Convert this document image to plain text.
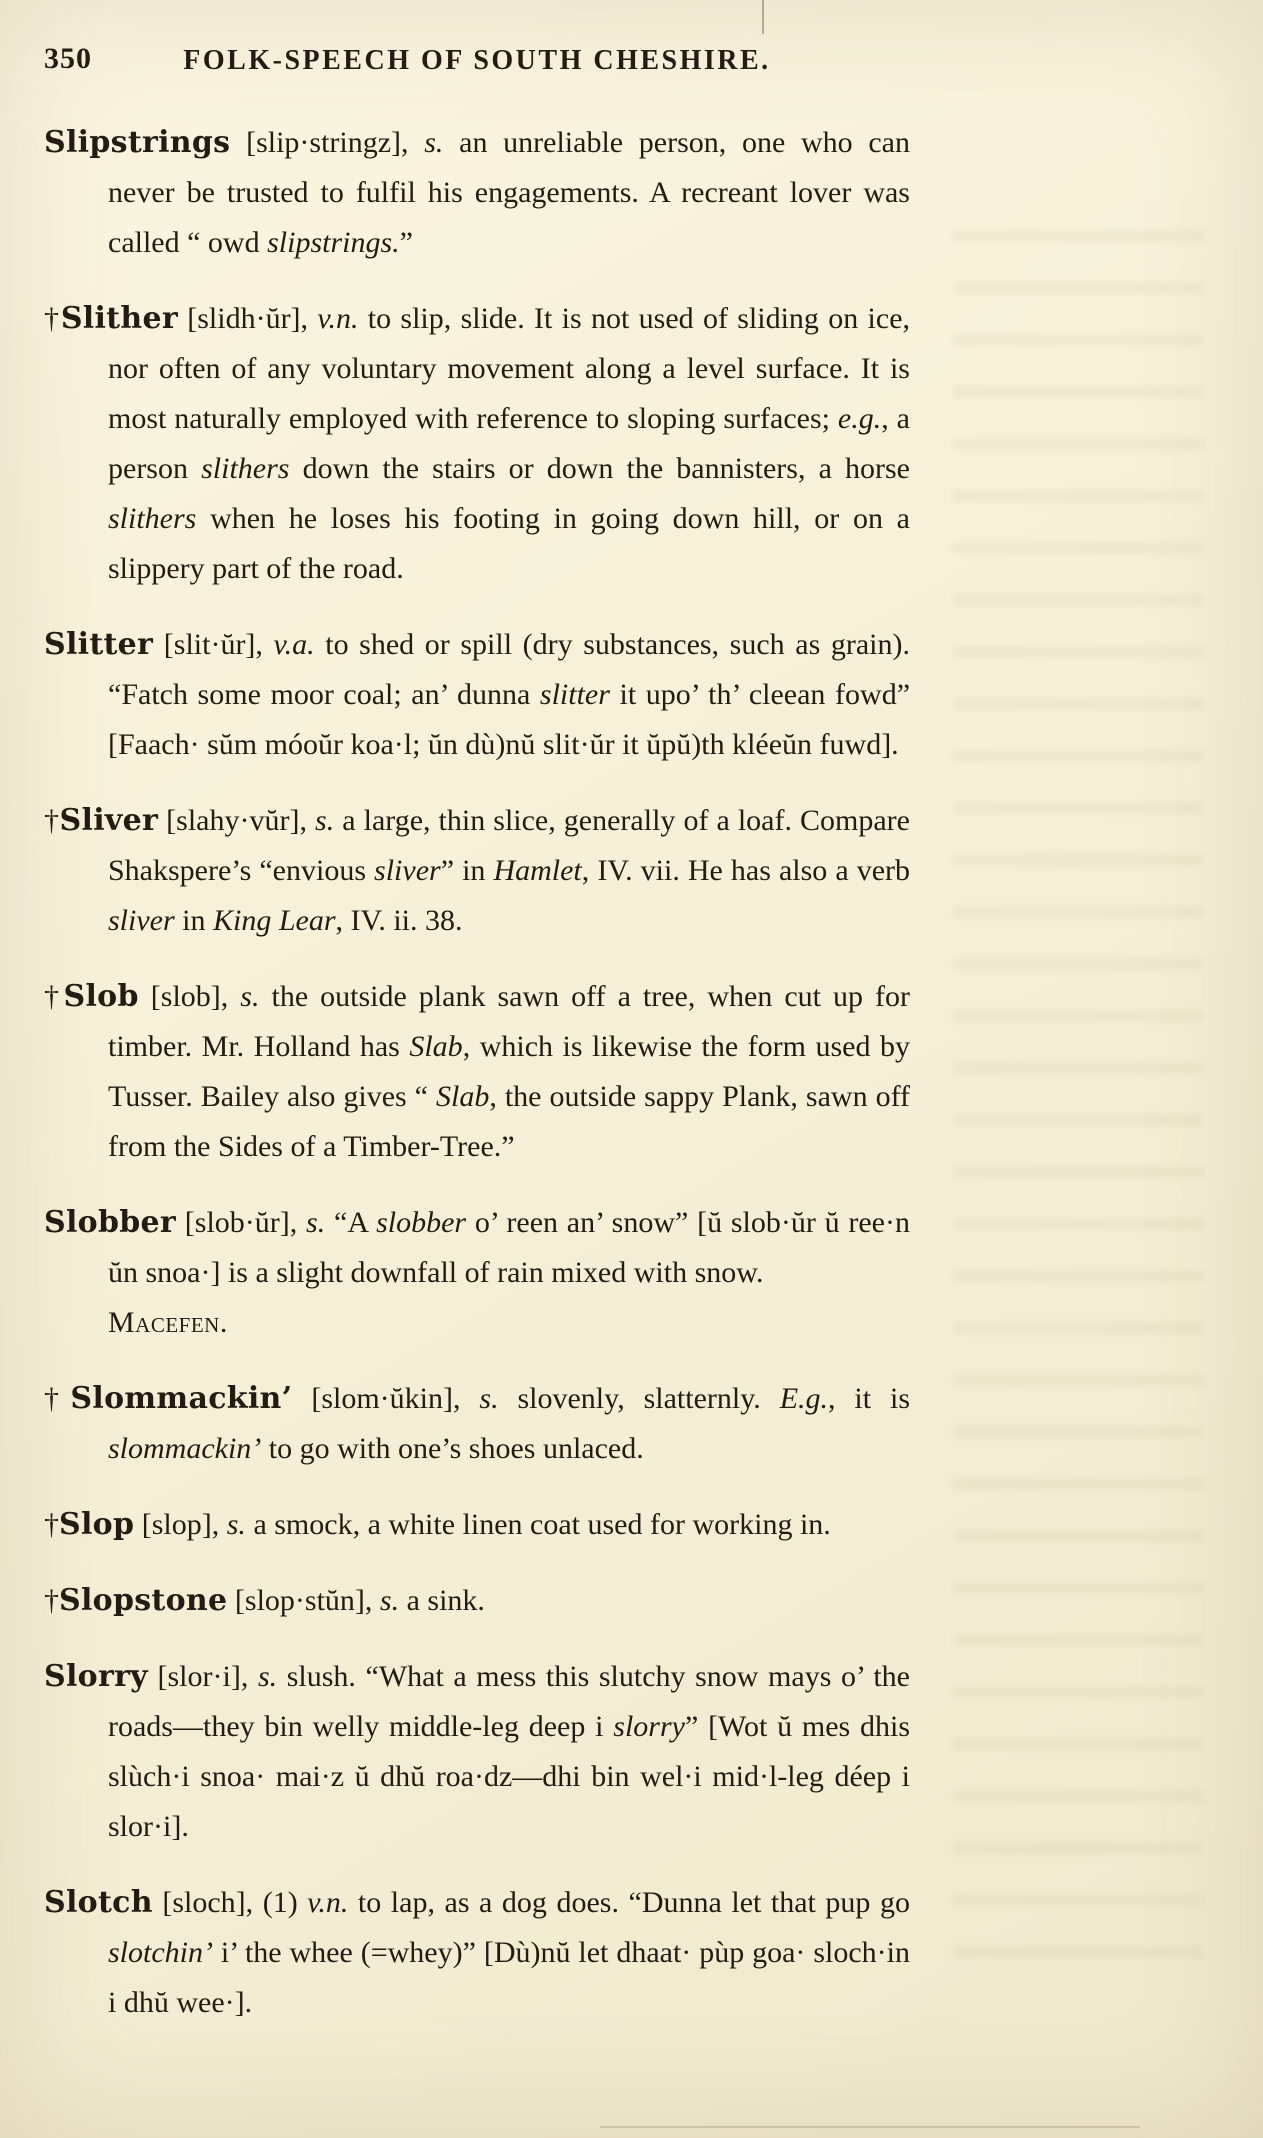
350	FOLK-SPEECH OF SOUTH CHESHIRE.

Slipstrings [slip·stringz], s. an unreliable person, one who can never be trusted to fulfil his engagements. A recreant lover was called “ owd slipstrings.”

†Slither [slidh·ŭr], v.n. to slip, slide. It is not used of sliding on ice, nor often of any voluntary movement along a level surface. It is most naturally employed with reference to sloping surfaces; e.g., a person slithers down the stairs or down the bannisters, a horse slithers when he loses his footing in going down hill, or on a slippery part of the road.

Slitter [slit·ŭr], v.a. to shed or spill (dry substances, such as grain). “Fatch some moor coal; an’ dunna slitter it upo’ th’ cleean fowd” [Faach· sŭm móoŭr koa·l; ŭn dù)nŭ slit·ŭr it ŭpŭ)th kléeŭn fuwd].

†Sliver [slahy·vŭr], s. a large, thin slice, generally of a loaf. Compare Shakspere’s “envious sliver” in Hamlet, IV. vii. He has also a verb sliver in King Lear, IV. ii. 38.

†Slob [slob], s. the outside plank sawn off a tree, when cut up for timber. Mr. Holland has Slab, which is likewise the form used by Tusser. Bailey also gives “ Slab, the outside sappy Plank, sawn off from the Sides of a Timber-Tree.”

Slobber [slob·ŭr], s. “A slobber o’ reen an’ snow” [ŭ slob·ŭr ŭ ree·n ŭn snoa·] is a slight downfall of rain mixed with snow.
Macefen.

†Slommackin’ [slom·ŭkin], s. slovenly, slatternly. E.g., it is slommackin’ to go with one’s shoes unlaced.

†Slop [slop], s. a smock, a white linen coat used for working in.

†Slopstone [slop·stŭn], s. a sink.

Slorry [slor·i], s. slush. “What a mess this slutchy snow mays o’ the roads—they bin welly middle-leg deep i slorry” [Wot ŭ mes dhis slùch·i snoa· mai·z ŭ dhŭ roa·dz—dhi bin wel·i mid·l-leg déep i slor·i].

Slotch [sloch], (1) v.n. to lap, as a dog does. “Dunna let that pup go slotchin’ i’ the whee (=whey)” [Dù)nŭ let dhaat· pùp goa· sloch·in i dhŭ wee·].
